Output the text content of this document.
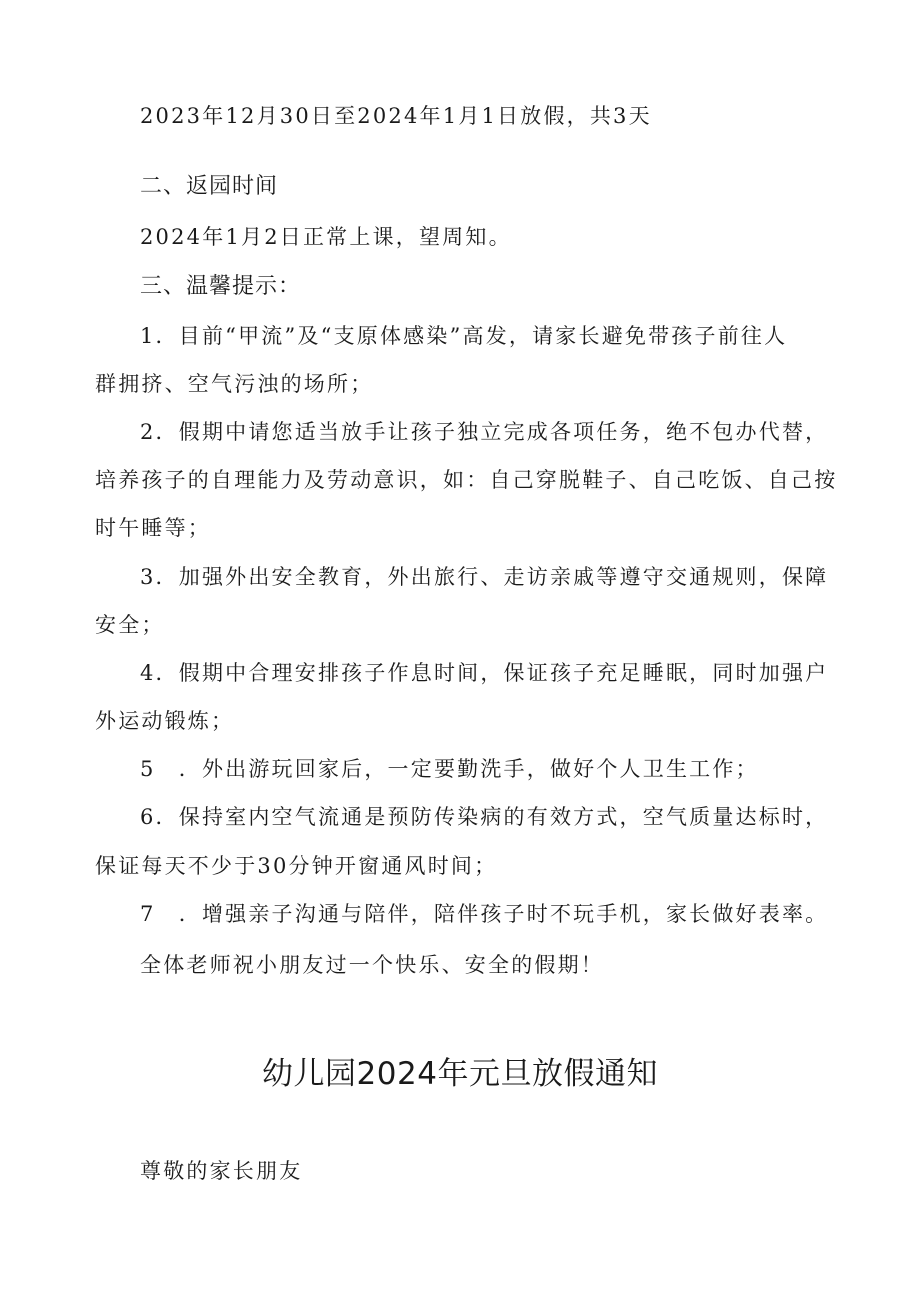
2023年12月30日至2024年1月1日放假，共3天
二、返园时间
2024年1月2日正常上课，望周知。
三、温馨提示：
1．目前“甲流”及“支原体感染”高发，请家长避免带孩子前往人
群拥挤、空气污浊的场所；
2．假期中请您适当放手让孩子独立完成各项任务，绝不包办代替，
培养孩子的自理能力及劳动意识，如：自己穿脱鞋子、自己吃饭、自己按
时午睡等；
3．加强外出安全教育，外出旅行、走访亲戚等遵守交通规则，保障
安全；
4．假期中合理安排孩子作息时间，保证孩子充足睡眠，同时加强户
外运动锻炼；
5　．外出游玩回家后，一定要勤洗手，做好个人卫生工作；
6．保持室内空气流通是预防传染病的有效方式，空气质量达标时，
保证每天不少于30分钟开窗通风时间；
7　．增强亲子沟通与陪伴，陪伴孩子时不玩手机，家长做好表率。
全体老师祝小朋友过一个快乐、安全的假期！
幼儿园2024年元旦放假通知
尊敬的家长朋友
